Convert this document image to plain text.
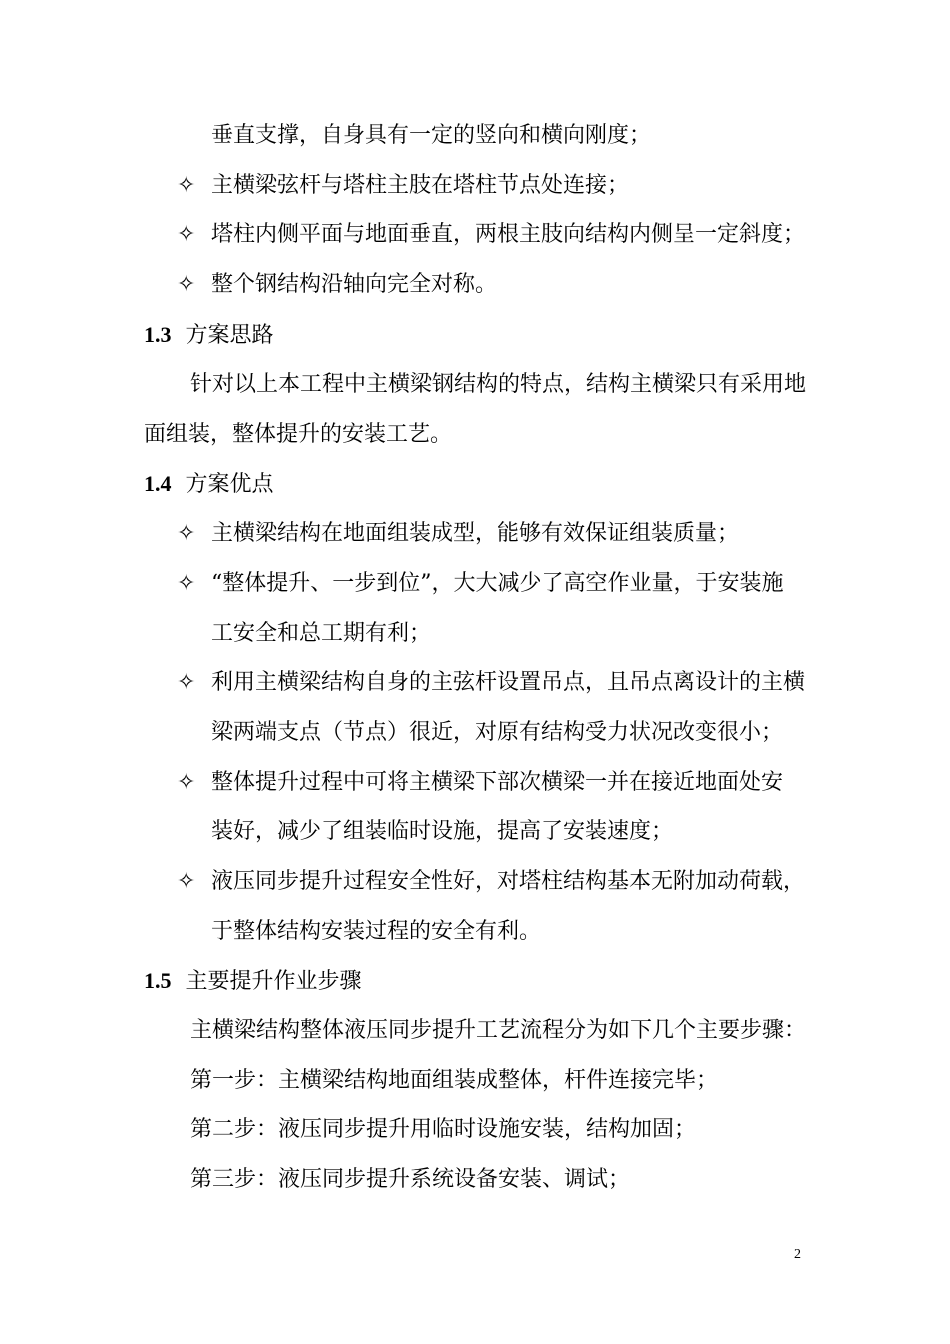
垂直支撑，自身具有一定的竖向和横向刚度；
✧ 主横梁弦杆与塔柱主肢在塔柱节点处连接；
✧ 塔柱内侧平面与地面垂直，两根主肢向结构内侧呈一定斜度；
✧ 整个钢结构沿轴向完全对称。
1.3 方案思路
针对以上本工程中主横梁钢结构的特点，结构主横梁只有采用地
面组装，整体提升的安装工艺。
1.4 方案优点
✧ 主横梁结构在地面组装成型，能够有效保证组装质量；
✧ “整体提升、一步到位”，大大减少了高空作业量，于安装施
工安全和总工期有利；
✧ 利用主横梁结构自身的主弦杆设置吊点，且吊点离设计的主横
梁两端支点（节点）很近，对原有结构受力状况改变很小；
✧ 整体提升过程中可将主横梁下部次横梁一并在接近地面处安
装好，减少了组装临时设施，提高了安装速度；
✧ 液压同步提升过程安全性好，对塔柱结构基本无附加动荷载，
于整体结构安装过程的安全有利。
1.5 主要提升作业步骤
主横梁结构整体液压同步提升工艺流程分为如下几个主要步骤：
第一步：主横梁结构地面组装成整体，杆件连接完毕；
第二步：液压同步提升用临时设施安装，结构加固；
第三步：液压同步提升系统设备安装、调试；
2
